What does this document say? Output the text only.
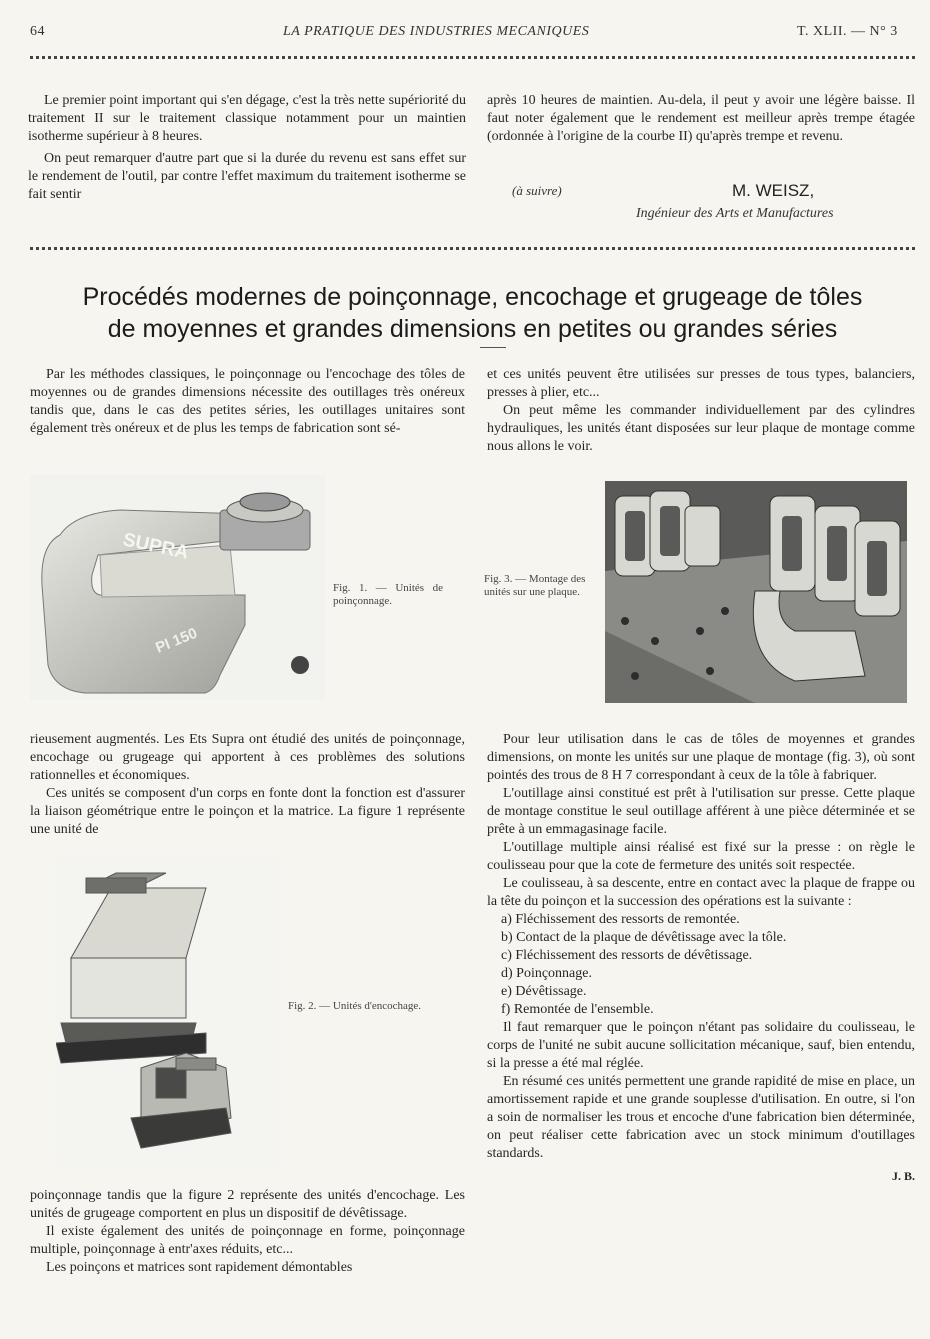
64	LA PRATIQUE DES INDUSTRIES MECANIQUES	T. XLII. — N° 3

Le premier point important qui s'en dégage, c'est la très nette supériorité du traitement II sur le traitement classique notamment pour un maintien isotherme supérieur à 8 heures.

On peut remarquer d'autre part que si la durée du revenu est sans effet sur le rendement de l'outil, par contre l'effet maximum du traitement isotherme se fait sentir

après 10 heures de maintien. Au-dela, il peut y avoir une légère baisse. Il faut noter également que le rendement est meilleur après trempe étagée (ordonnée à l'origine de la courbe II) qu'après trempe et revenu.

(à suivre)	M. WEISZ,
Ingénieur des Arts et Manufactures
Procédés modernes de poinçonnage, encochage et grugeage de tôles
de moyennes et grandes dimensions en petites ou grandes séries

Par les méthodes classiques, le poinçonnage ou l'encochage des tôles de moyennes ou de grandes dimensions nécessite des outillages très onéreux tandis que, dans le cas des petites séries, les outillages unitaires sont également très onéreux et de plus les temps de fabrication sont sé-

et ces unités peuvent être utilisées sur presses de tous types, balanciers, presses à plier, etc...

On peut même les commander individuellement par des cylindres hydrauliques, les unités étant disposées sur leur plaque de montage comme nous allons le voir.

SUPRA
PI 150
Fig. 1. — Unités de poinçonnage.
Fig. 3. — Montage des unités sur une plaque.

rieusement augmentés. Les Ets Supra ont étudié des unités de poinçonnage, encochage ou grugeage qui apportent à ces problèmes des solutions rationnelles et économiques.

Ces unités se composent d'un corps en fonte dont la fonction est d'assurer la liaison géométrique entre le poinçon et la matrice. La figure 1 représente une unité de

Fig. 2. — Unités d'encochage.

poinçonnage tandis que la figure 2 représente des unités d'encochage. Les unités de grugeage comportent en plus un dispositif de dévêtissage.

Il existe également des unités de poinçonnage en forme, poinçonnage multiple, poinçonnage à entr'axes réduits, etc...

Les poinçons et matrices sont rapidement démontables

Pour leur utilisation dans le cas de tôles de moyennes et grandes dimensions, on monte les unités sur une plaque de montage (fig. 3), où sont pointés des trous de 8 H 7 correspondant à ceux de la tôle à fabriquer.

L'outillage ainsi constitué est prêt à l'utilisation sur presse. Cette plaque de montage constitue le seul outillage afférent à une pièce déterminée et se prête à un emmagasinage facile.

L'outillage multiple ainsi réalisé est fixé sur la presse : on règle le coulisseau pour que la cote de fermeture des unités soit respectée.

Le coulisseau, à sa descente, entre en contact avec la plaque de frappe ou la tête du poinçon et la succession des opérations est la suivante :

a) Fléchissement des ressorts de remontée.
b) Contact de la plaque de dévêtissage avec la tôle.
c) Fléchissement des ressorts de dévêtissage.
d) Poinçonnage.
e) Dévêtissage.
f) Remontée de l'ensemble.

Il faut remarquer que le poinçon n'étant pas solidaire du coulisseau, le corps de l'unité ne subit aucune sollicitation mécanique, sauf, bien entendu, si la presse a été mal réglée.

En résumé ces unités permettent une grande rapidité de mise en place, un amortissement rapide et une grande souplesse d'utilisation. En outre, si l'on a soin de normaliser les trous et encoche d'une fabrication bien déterminée, on peut réaliser cette fabrication avec un stock minimum d'outillages standards.

J. B.
